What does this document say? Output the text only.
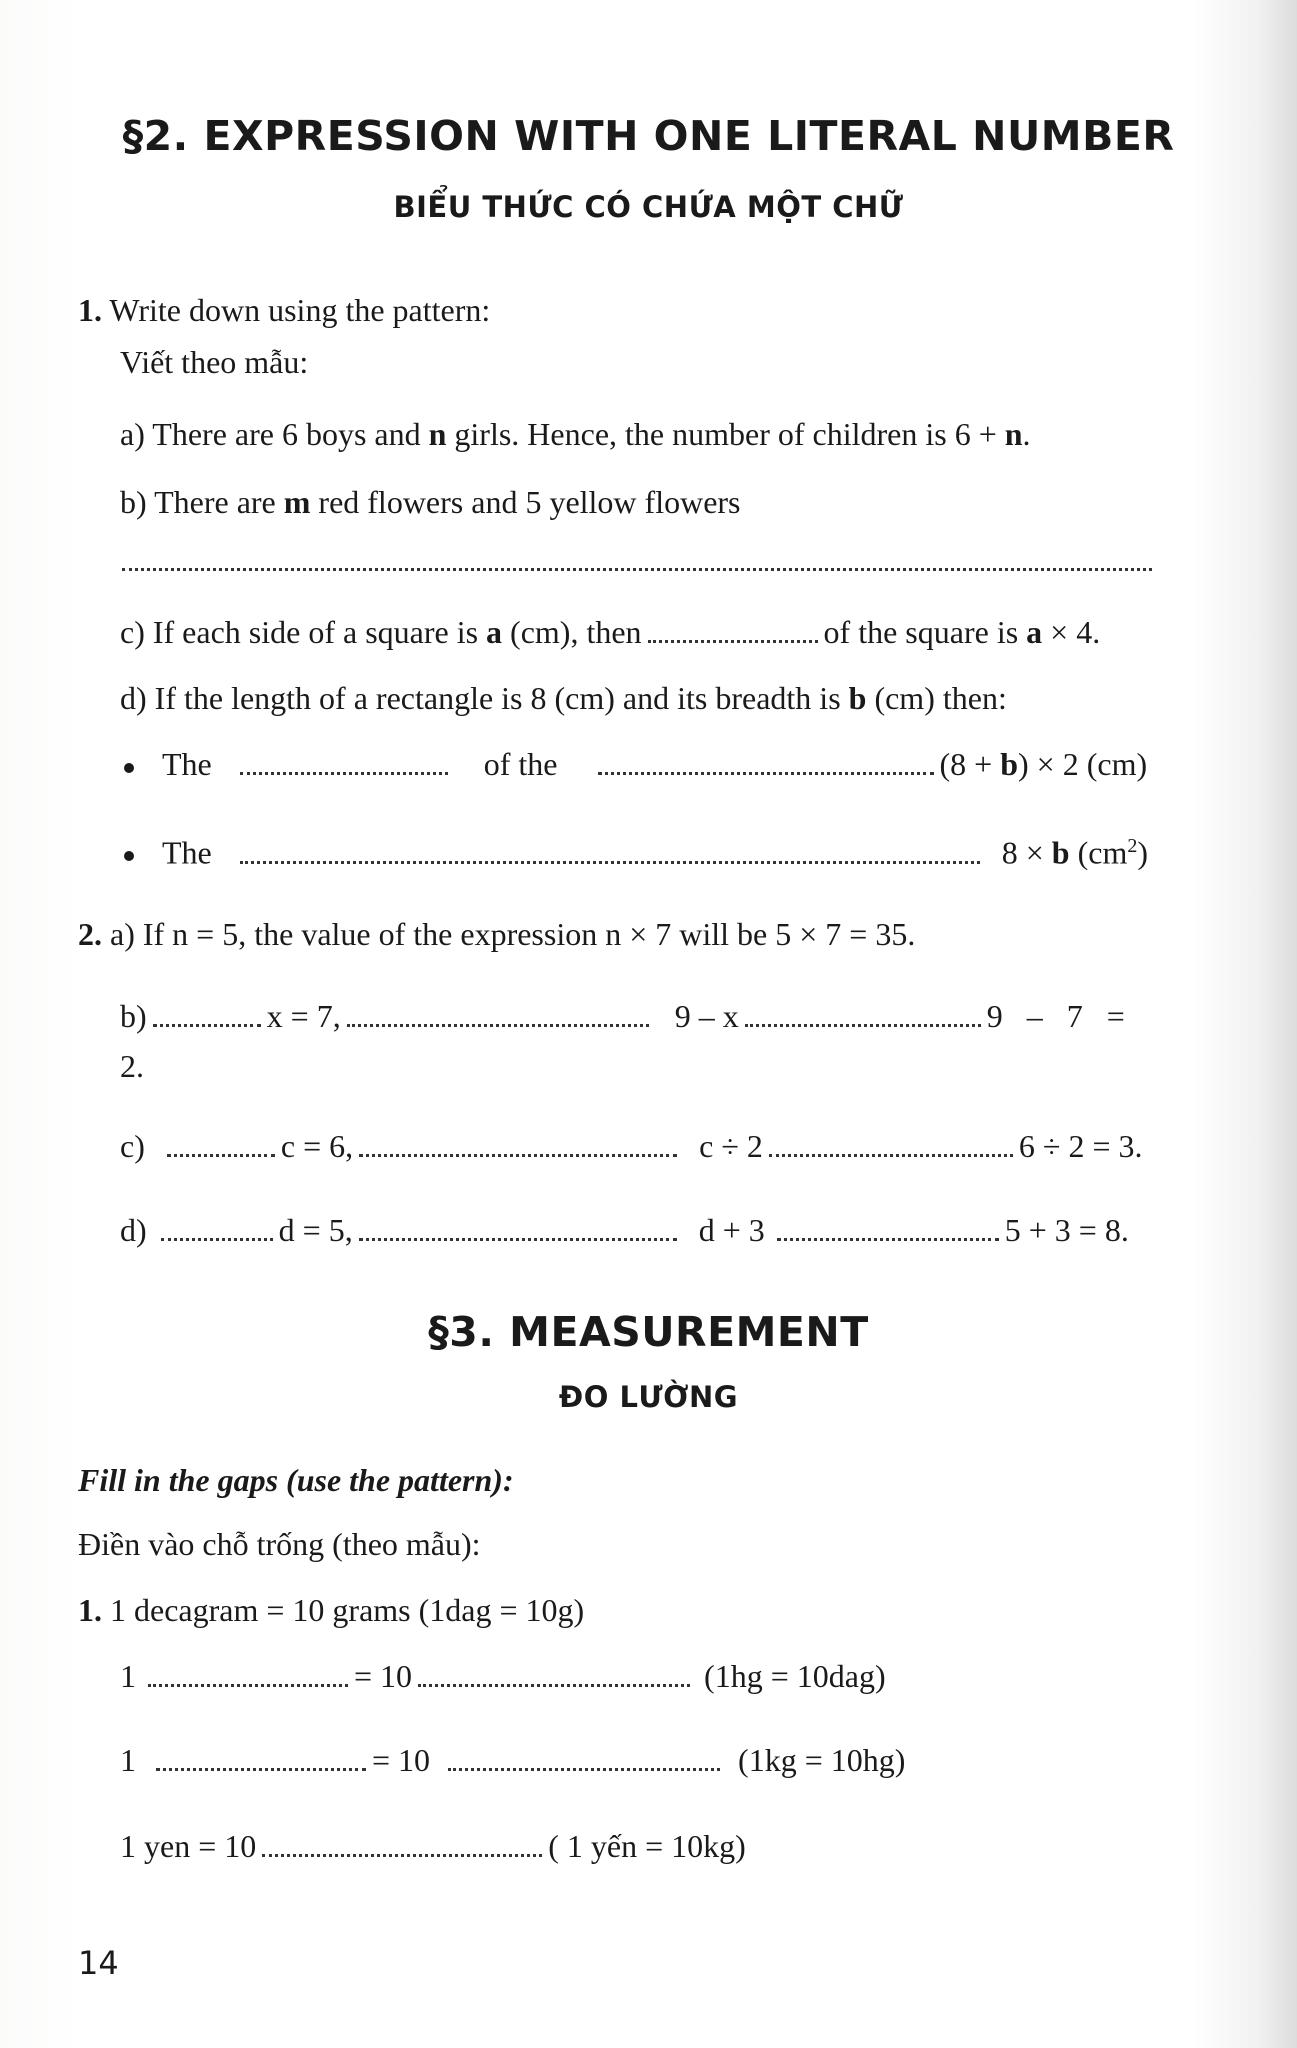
§2. EXPRESSION WITH ONE LITERAL NUMBER
BIỂU THỨC CÓ CHỨA MỘT CHỮ
1. Write down using the pattern:
Viết theo mẫu:
a) There are 6 boys and n girls. Hence, the number of children is 6 + n.
b) There are m red flowers and 5 yellow flowers
c) If each side of a square is a (cm), then	of the square is a × 4.
d) If the length of a rectangle is 8 (cm) and its breadth is b (cm) then:
The	of the	(8 + b) × 2 (cm)
The	8 × b $(cm^2)$
2. a) If n = 5, the value of the expression n × 7 will be 5 × 7 = 35.
b)	x = 7,	9 – x	9   –   7   =
2.
c)	c = 6,	c ÷ 2	6 ÷ 2 = 3.
d)	d = 5,	d + 3	5 + 3 = 8.
§3. MEASUREMENT
ĐO LƯỜNG
Fill in the gaps (use the pattern):
Điền vào chỗ trống (theo mẫu):
1. 1 decagram = 10 grams (1dag = 10g)
1	= 10	(1hg = 10dag)
1	= 10	(1kg = 10hg)
1 yen = 10	( 1 yến = 10kg)
14
